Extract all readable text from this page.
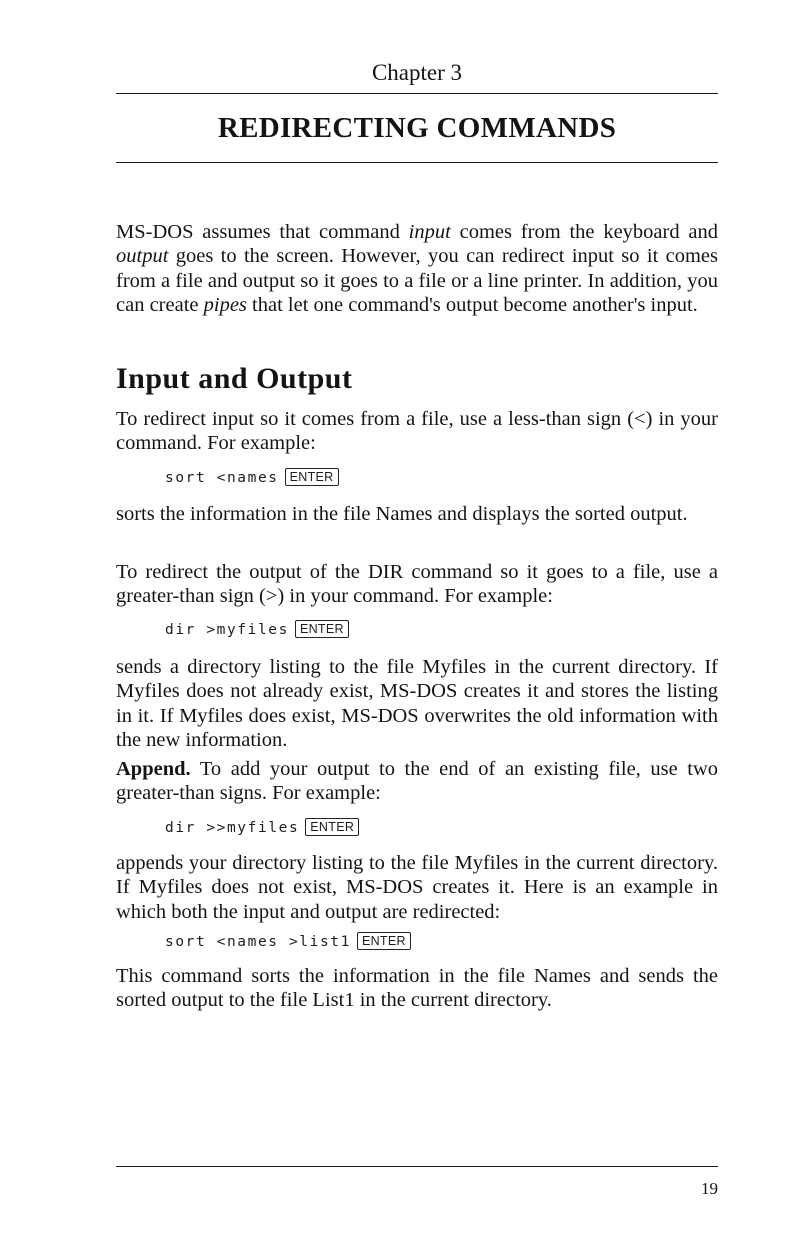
Chapter 3
REDIRECTING COMMANDS

MS-DOS assumes that command input comes from the keyboard and output goes to the screen. However, you can redirect input so it comes from a file and output so it goes to a file or a line printer. In addition, you can create pipes that let one command's output become another's input.

Input and Output

To redirect input so it comes from a file, use a less-than sign (<) in your command. For example:

sort <names ENTER

sorts the information in the file Names and displays the sorted output.

To redirect the output of the DIR command so it goes to a file, use a greater-than sign (>) in your command. For example:

dir >myfiles ENTER

sends a directory listing to the file Myfiles in the current directory. If Myfiles does not already exist, MS-DOS creates it and stores the listing in it. If Myfiles does exist, MS-DOS overwrites the old information with the new information.

Append. To add your output to the end of an existing file, use two greater-than signs. For example:

dir >>myfiles ENTER

appends your directory listing to the file Myfiles in the current directory. If Myfiles does not exist, MS-DOS creates it. Here is an example in which both the input and output are redirected:

sort <names >list1 ENTER

This command sorts the information in the file Names and sends the sorted output to the file List1 in the current directory.

19
